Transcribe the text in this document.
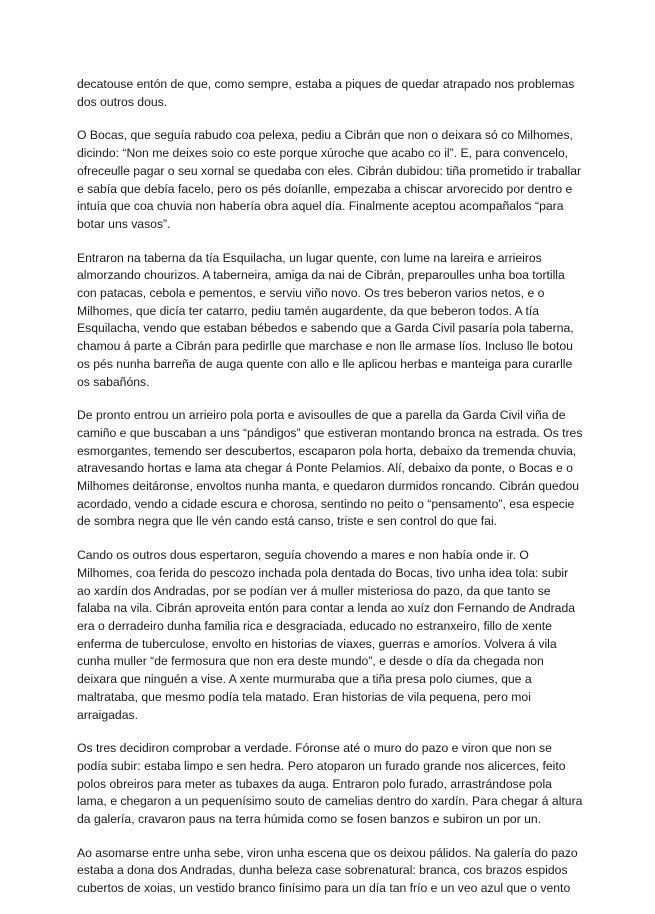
decatouse entón de que, como sempre, estaba a piques de quedar atrapado nos problemas dos outros dous.

O Bocas, que seguía rabudo coa pelexa, pediu a Cibrán que non o deixara só co Milhomes, dicindo: “Non me deixes soio co este porque xúroche que acabo co il”. E, para convencelo, ofreceulle pagar o seu xornal se quedaba con eles. Cibrán dubidou: tiña prometido ir traballar e sabía que debía facelo, pero os pés doíanlle, empezaba a chiscar arvorecido por dentro e intuía que coa chuvia non habería obra aquel día. Finalmente aceptou acompañalos “para botar uns vasos”.

Entraron na taberna da tía Esquilacha, un lugar quente, con lume na lareira e arrieiros almorzando chourizos. A taberneira, amiga da nai de Cibrán, preparoulles unha boa tortilla con patacas, cebola e pementos, e serviu viño novo. Os tres beberon varios netos, e o Milhomes, que dicía ter catarro, pediu tamén augardente, da que beberon todos. A tía Esquilacha, vendo que estaban bébedos e sabendo que a Garda Civil pasaría pola taberna, chamou á parte a Cibrán para pedirlle que marchase e non lle armase líos. Incluso lle botou os pés nunha barreña de auga quente con allo e lle aplicou herbas e manteiga para curarlle os sabañóns.

De pronto entrou un arrieiro pola porta e avisoulles de que a parella da Garda Civil viña de camiño e que buscaban a uns “pándigos” que estiveran montando bronca na estrada. Os tres esmorgantes, temendo ser descubertos, escaparon pola horta, debaixo da tremenda chuvia, atravesando hortas e lama ata chegar á Ponte Pelamios. Alí, debaixo da ponte, o Bocas e o Milhomes deitáronse, envoltos nunha manta, e quedaron durmidos roncando. Cibrán quedou acordado, vendo a cidade escura e chorosa, sentindo no peito o “pensamento”, esa especie de sombra negra que lle vén cando está canso, triste e sen control do que fai.

Cando os outros dous espertaron, seguía chovendo a mares e non había onde ir. O Milhomes, coa ferida do pescozo inchada pola dentada do Bocas, tivo unha idea tola: subir ao xardín dos Andradas, por se podían ver á muller misteriosa do pazo, da que tanto se falaba na vila. Cibrán aproveita entón para contar a lenda ao xuíz don Fernando de Andrada era o derradeiro dunha familia rica e desgraciada, educado no estranxeiro, fillo de xente enferma de tuberculose, envolto en historias de viaxes, guerras e amoríos. Volvera á vila cunha muller “de fermosura que non era deste mundo”, e desde o día da chegada non deixara que ninguén a vise. A xente murmuraba que a tiña presa polo ciumes, que a maltrataba, que mesmo podía tela matado. Eran historias de vila pequena, pero moi arraigadas.

Os tres decidiron comprobar a verdade. Fóronse até o muro do pazo e viron que non se podía subir: estaba limpo e sen hedra. Pero atoparon un furado grande nos alicerces, feito polos obreiros para meter as tubaxes da auga. Entraron polo furado, arrastrándose pola lama, e chegaron a un pequenísimo souto de camelias dentro do xardín. Para chegar á altura da galería, cravaron paus na terra húmida como se fosen banzos e subiron un por un.

Ao asomarse entre unha sebe, viron unha escena que os deixou pálidos. Na galería do pazo estaba a dona dos Andradas, dunha beleza case sobrenatural: branca, cos brazos espidos cubertos de xoias, un vestido branco finísimo para un día tan frío e un veo azul que o vento
